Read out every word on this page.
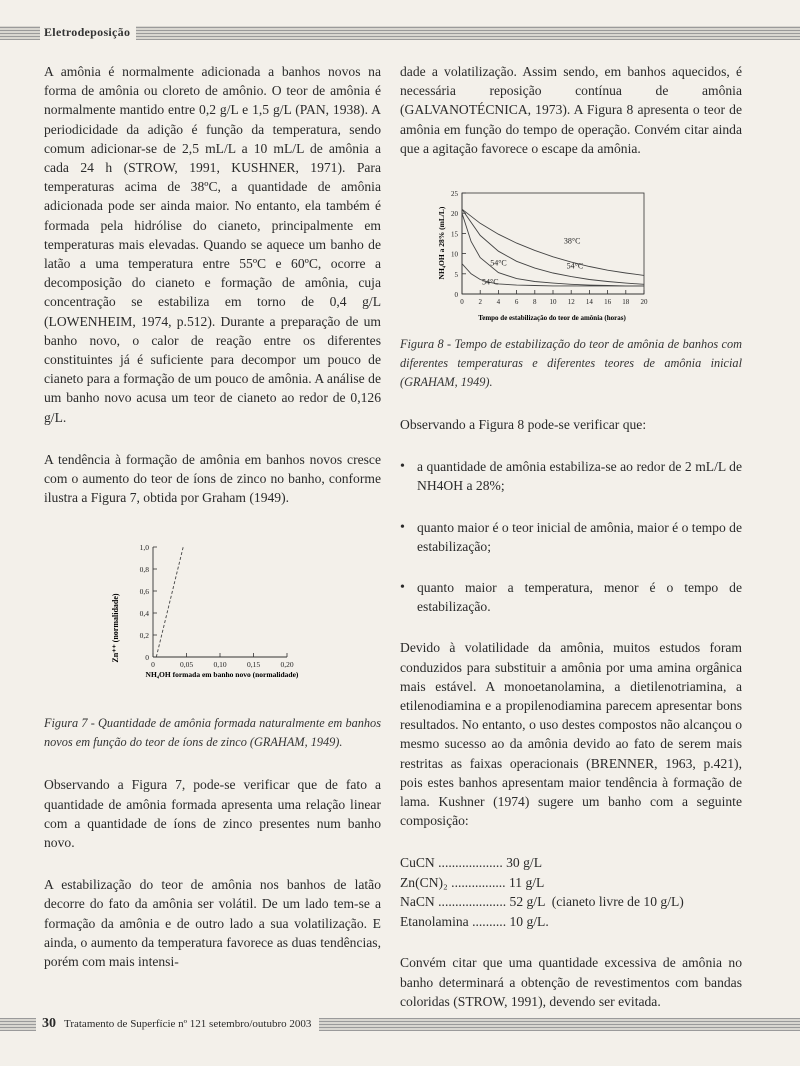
Eletrodeposição

A amônia é normalmente adicionada a banhos novos na forma de amônia ou cloreto de amônio. O teor de amônia é normalmente mantido entre 0,2 g/L e 1,5 g/L (PAN, 1938). A periodicidade da adição é função da temperatura, sendo comum adicionar-se de 2,5 mL/L a 10 mL/L de amônia a cada 24 h (STROW, 1991, KUSHNER, 1971). Para temperaturas acima de 38ºC, a quantidade de amônia adicionada pode ser ainda maior. No entanto, ela também é formada pela hidrólise do cianeto, principalmente em temperaturas mais elevadas. Quando se aquece um banho de latão a uma temperatura entre 55ºC e 60ºC, ocorre a decomposição do cianeto e formação de amônia, cuja concentração se estabiliza em torno de 0,4 g/L (LOWENHEIM, 1974, p.512). Durante a preparação de um banho novo, o calor de reação entre os diferentes constituintes já é suficiente para decompor um pouco de cianeto para a formação de um pouco de amônia. A análise de um banho novo acusa um teor de cianeto ao redor de 0,126 g/L.

A tendência à formação de amônia em banhos novos cresce com o aumento do teor de íons de zinco no banho, conforme ilustra a Figura 7, obtida por Graham (1949).

0	0,05	0,10	0,15	0,20
0
0,2
0,4
0,6
0,8
1,0
Zn⁺⁺ (normalidade)
NH₄OH formada em banho novo (normalidade)

Figura 7 - Quantidade de amônia formada naturalmente em banhos novos em função do teor de íons de zinco (GRAHAM, 1949).

Observando a Figura 7, pode-se verificar que de fato a quantidade de amônia formada apresenta uma relação linear com a quantidade de íons de zinco presentes num banho novo.

A estabilização do teor de amônia nos banhos de latão decorre do fato da amônia ser volátil. De um lado tem-se a formação da amônia e de outro lado a sua volatilização. E ainda, o aumento da temperatura favorece as duas tendências, porém com mais intensi-

dade a volatilização. Assim sendo, em banhos aquecidos, é necessária reposição contínua de amônia (GALVANOTÉCNICA, 1973). A Figura 8 apresenta o teor de amônia em função do tempo de operação. Convém citar ainda que a agitação favorece o escape da amônia.

0 2 4 6 8 10 12 14 16 18 20
0
5
10
15
20
25
38°C
54°C
54°C
54°C
NH₄OH a 28% (mL/L)
Tempo de estabilização do teor de amônia (horas)

Figura 8 - Tempo de estabilização do teor de amônia de banhos com diferentes temperaturas e diferentes teores de amônia inicial (GRAHAM, 1949).

Observando a Figura 8 pode-se verificar que:

• a quantidade de amônia estabiliza-se ao redor de 2 mL/L de NH4OH a 28%;
• quanto maior é o teor inicial de amônia, maior é o tempo de estabilização;
• quanto maior a temperatura, menor é o tempo de estabilização.

Devido à volatilidade da amônia, muitos estudos foram conduzidos para substituir a amônia por uma amina orgânica mais estável. A monoetanolamina, a dietilenotriamina, a etilenodiamina e a propilenodiamina parecem apresentar bons resultados. No entanto, o uso destes compostos não alcançou o mesmo sucesso ao da amônia devido ao fato de serem mais restritas as faixas operacionais (BRENNER, 1963, p.421), pois estes banhos apresentam maior tendência à formação de lama. Kushner (1974) sugere um banho com a seguinte composição:

CuCN ................... 30 g/L
Zn(CN)₂ ................ 11 g/L
NaCN .................... 52 g/L  (cianeto livre de 10 g/L)
Etanolamina .......... 10 g/L.

Convém citar que uma quantidade excessiva de amônia no banho determinará a obtenção de revestimentos com bandas coloridas (STROW, 1991), devendo ser evitada.

30 Tratamento de Superfície nº 121 setembro/outubro 2003
